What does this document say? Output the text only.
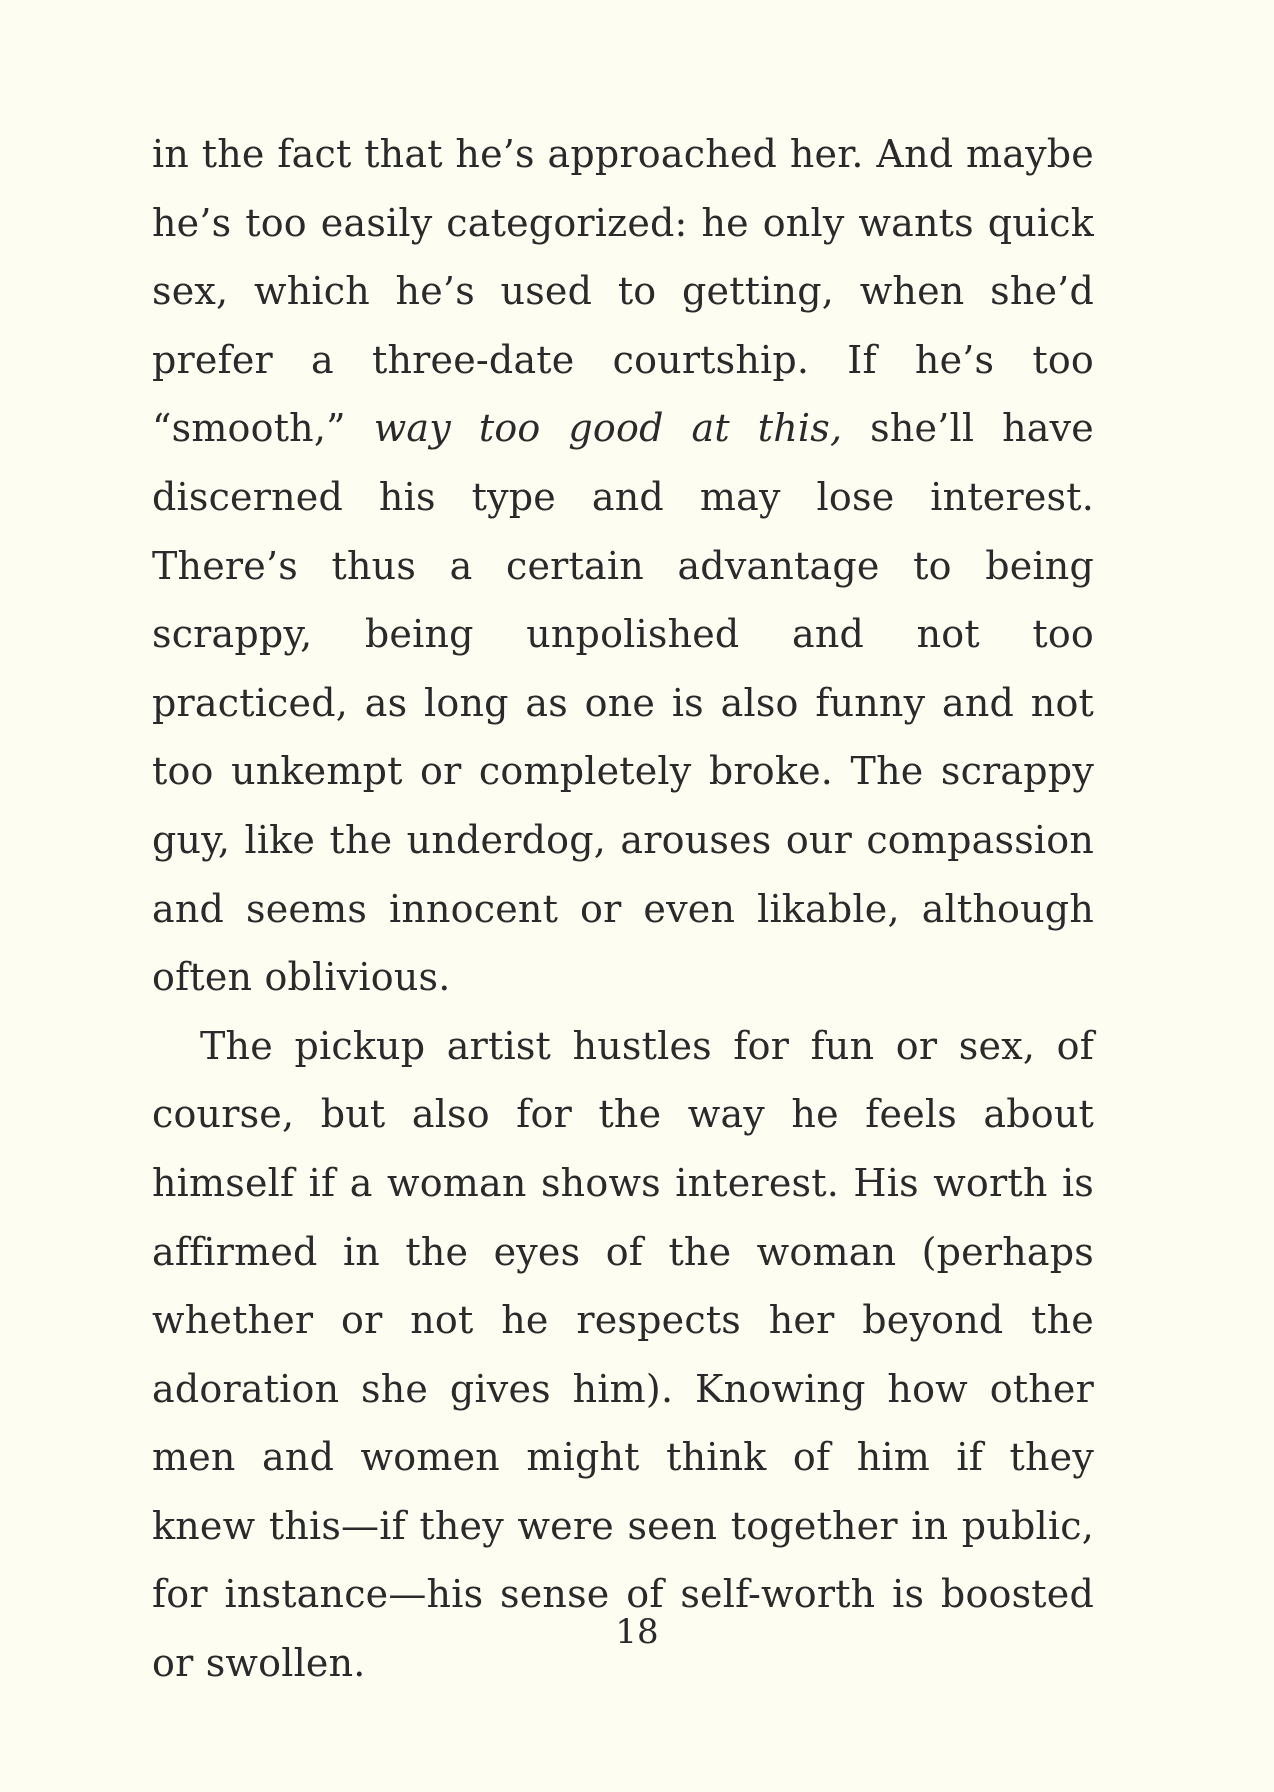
in the fact that he’s approached her. And maybe he’s too easily categorized: he only wants quick sex, which he’s used to getting, when she’d prefer a three-date courtship. If he’s too “smooth,” way too good at this, she’ll have discerned his type and may lose interest. There’s thus a certain advantage to being scrappy, being unpolished and not too practiced, as long as one is also funny and not too unkempt or completely broke. The scrappy guy, like the underdog, arouses our compassion and seems innocent or even likable, although often oblivious.

The pickup artist hustles for fun or sex, of course, but also for the way he feels about himself if a woman shows interest. His worth is affirmed in the eyes of the woman (perhaps whether or not he respects her beyond the adoration she gives him). Knowing how other men and women might think of him if they knew this—if they were seen together in public, for instance—his sense of self-worth is boosted or swollen.

18
